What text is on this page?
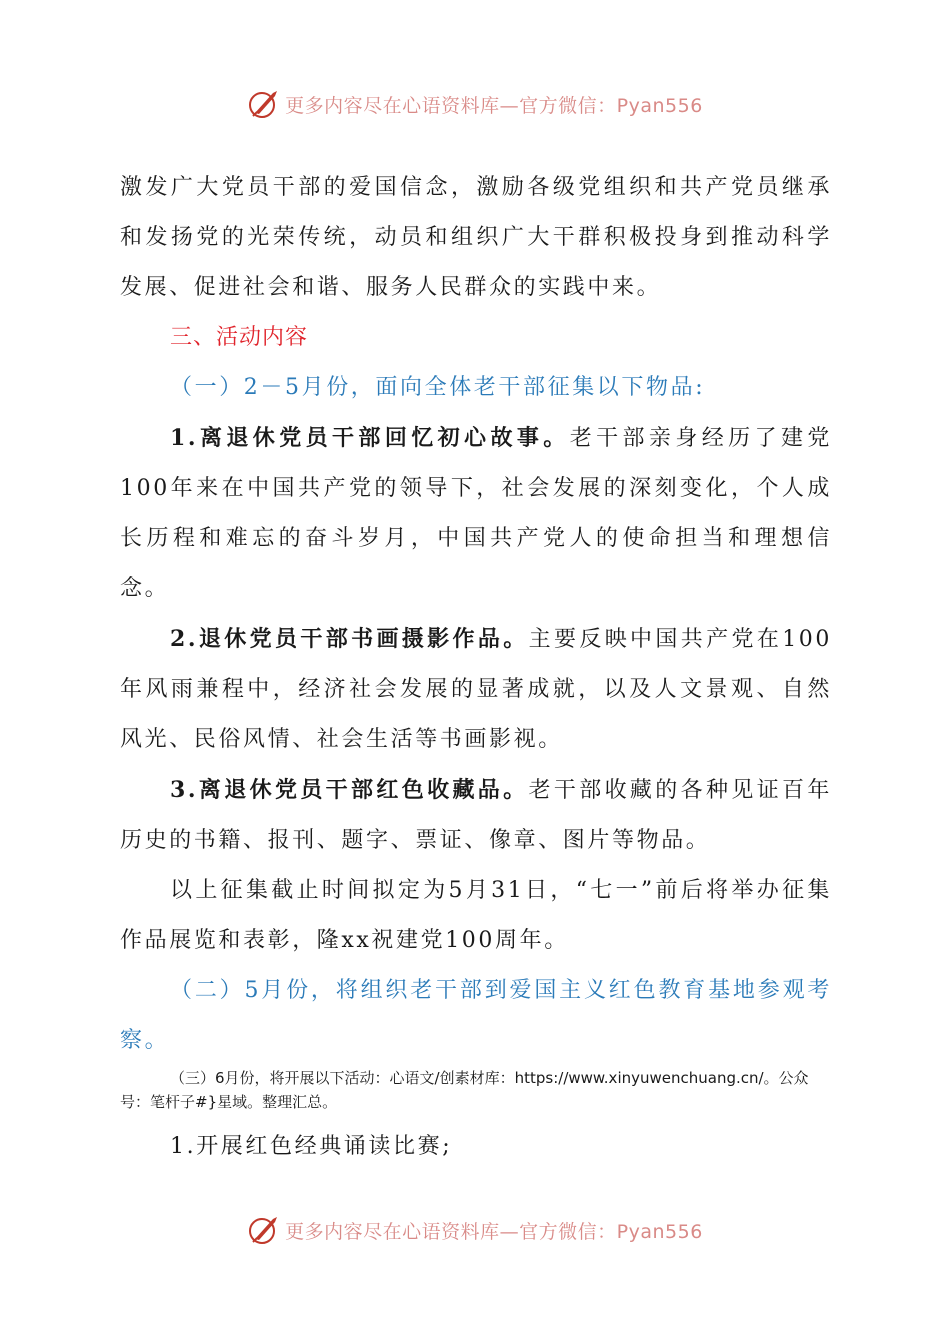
更多内容尽在心语资料库—官方微信：Pyan556

激发广大党员干部的爱国信念，激励各级党组织和共产党员继承和发扬党的光荣传统，动员和组织广大干群积极投身到推动科学发展、促进社会和谐、服务人民群众的实践中来。

三、活动内容

（一）2－5月份，面向全体老干部征集以下物品:

1.离退休党员干部回忆初心故事。老干部亲身经历了建党100年来在中国共产党的领导下，社会发展的深刻变化，个人成长历程和难忘的奋斗岁月，中国共产党人的使命担当和理想信念。

2.退休党员干部书画摄影作品。主要反映中国共产党在100年风雨兼程中，经济社会发展的显著成就，以及人文景观、自然风光、民俗风情、社会生活等书画影视。

3.离退休党员干部红色收藏品。老干部收藏的各种见证百年历史的书籍、报刊、题字、票证、像章、图片等物品。

以上征集截止时间拟定为5月31日，“七一”前后将举办征集作品展览和表彰，隆xx祝建党100周年。

（二）5月份，将组织老干部到爱国主义红色教育基地参观考察。

（三）6月份，将开展以下活动：心语文/创素材库：https://www.xinyuwenchuang.cn/。公众号：笔杆子#}星域。整理汇总。

1.开展红色经典诵读比赛;

更多内容尽在心语资料库—官方微信：Pyan556
